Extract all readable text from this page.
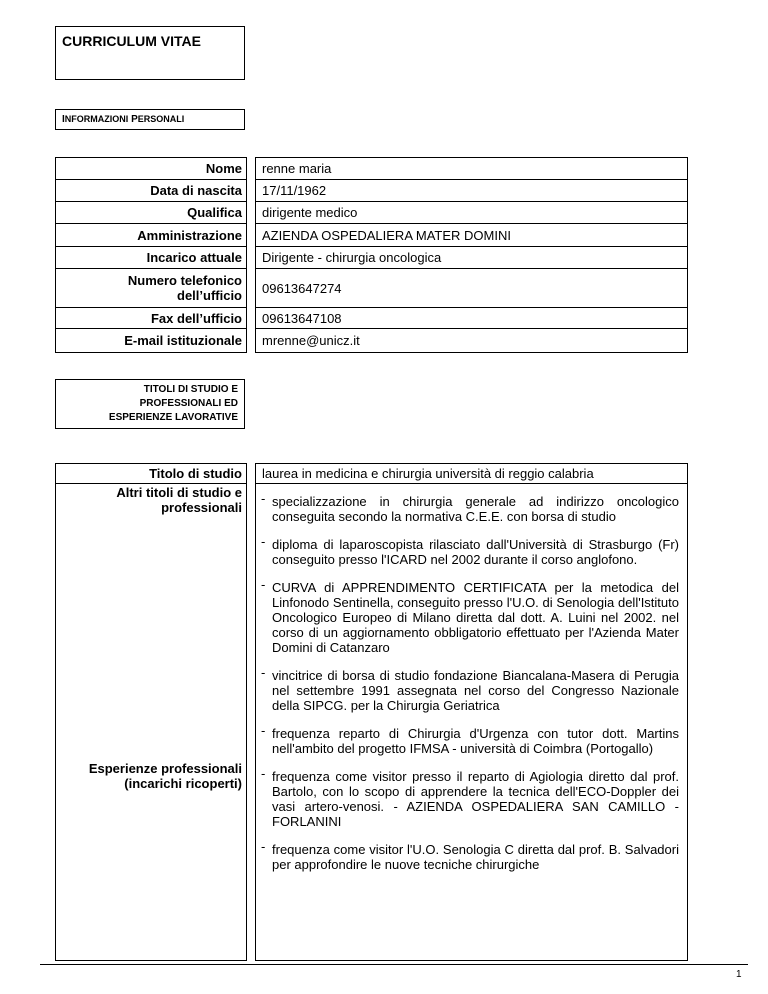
CURRICULUM VITAE
INFORMAZIONI PERSONALI
Nome
Data di nascita
Qualifica
Amministrazione
Incarico attuale
Numero telefonico dell’ufficio
Fax dell’ufficio
E-mail istituzionale
renne maria
17/11/1962
dirigente medico
AZIENDA OSPEDALIERA MATER DOMINI
Dirigente - chirurgia oncologica
09613647274
09613647108
mrenne@unicz.it
TITOLI DI STUDIO E
PROFESSIONALI ED
ESPERIENZE LAVORATIVE
Titolo di studio
Altri titoli di studio e professionali
Esperienze professionali (incarichi ricoperti)
laurea in medicina e chirurgia università di reggio calabria
- specializzazione in chirurgia generale ad indirizzo oncologico conseguita secondo la normativa C.E.E. con borsa di studio
- diploma di laparoscopista rilasciato dall'Università di Strasburgo (Fr) conseguito presso l'ICARD nel 2002 durante il corso anglofono.
- CURVA di APPRENDIMENTO CERTIFICATA per la metodica del Linfonodo Sentinella, conseguito presso l'U.O. di Senologia dell'Istituto Oncologico Europeo di Milano diretta dal dott. A. Luini nel 2002. nel corso di un aggiornamento obbligatorio effettuato per l'Azienda Mater Domini di Catanzaro
- vincitrice di borsa di studio fondazione Biancalana-Masera di Perugia nel settembre 1991 assegnata nel corso del Congresso Nazionale della SIPCG. per la Chirurgia Geriatrica
- frequenza reparto di Chirurgia d'Urgenza con tutor dott. Martins nell'ambito del progetto IFMSA - università di Coimbra (Portogallo)
- frequenza come visitor presso il reparto di Agiologia diretto dal prof. Bartolo, con lo scopo di apprendere la tecnica dell'ECO-Doppler dei vasi artero-venosi. - AZIENDA OSPEDALIERA SAN CAMILLO - FORLANINI
- frequenza come visitor l'U.O. Senologia C diretta dal prof. B. Salvadori per approfondire le nuove tecniche chirurgiche
1
